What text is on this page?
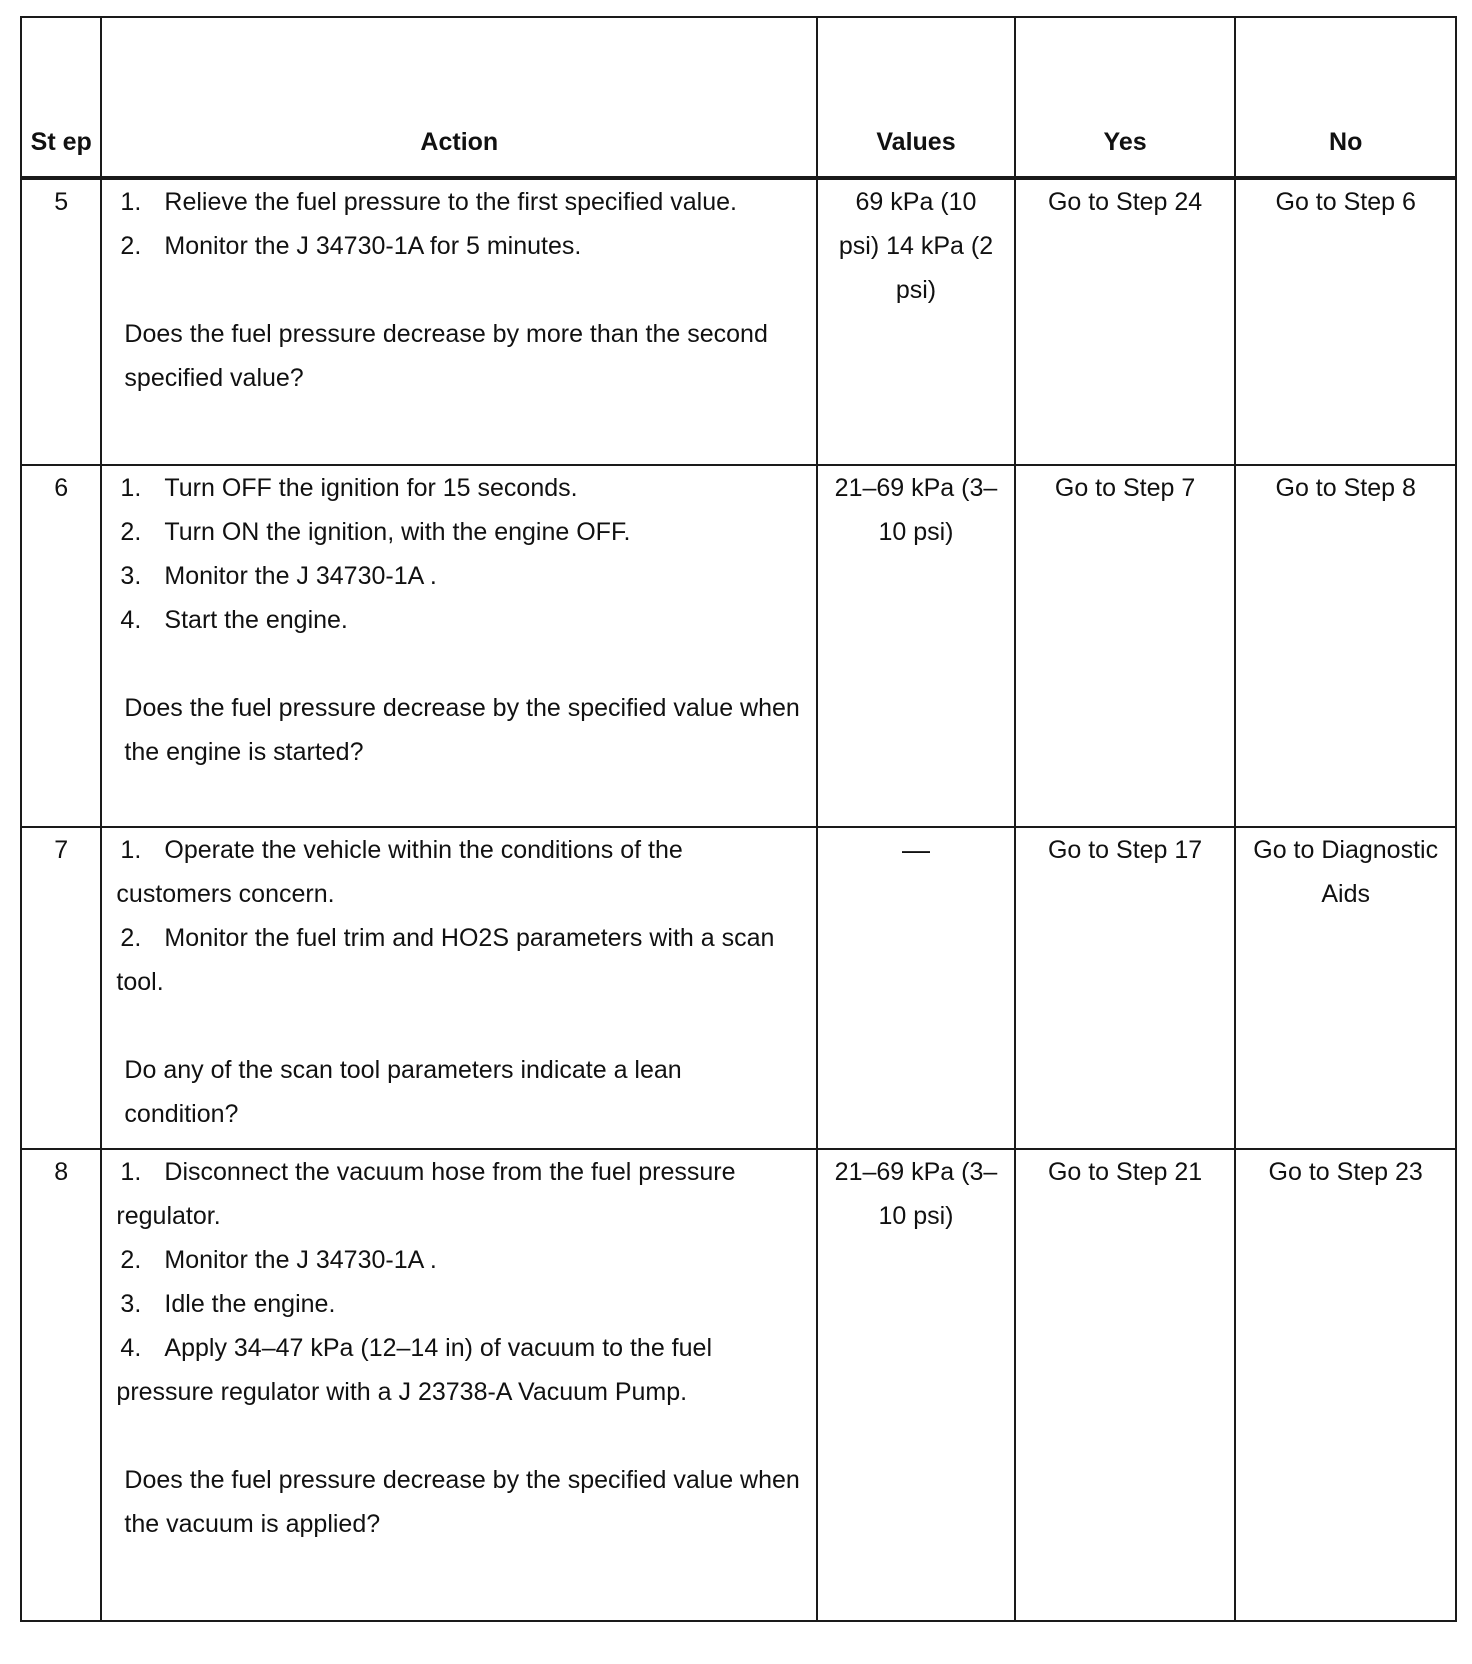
St ep	Action	Values	Yes	No
5	1. Relieve the fuel pressure to the first specified value.
2. Monitor the J 34730-1A for 5 minutes.
Does the fuel pressure decrease by more than the second specified value?	69 kPa (10 psi) 14 kPa (2 psi)	Go to Step 24	Go to Step 6
6	1. Turn OFF the ignition for 15 seconds.
2. Turn ON the ignition, with the engine OFF.
3. Monitor the J 34730-1A .
4. Start the engine.
Does the fuel pressure decrease by the specified value when the engine is started?	21–69 kPa (3–10 psi)	Go to Step 7	Go to Step 8
7	1. Operate the vehicle within the conditions of the customers concern.
2. Monitor the fuel trim and HO2S parameters with a scan tool.
Do any of the scan tool parameters indicate a lean condition?	—	Go to Step 17	Go to Diagnostic Aids
8	1. Disconnect the vacuum hose from the fuel pressure regulator.
2. Monitor the J 34730-1A .
3. Idle the engine.
4. Apply 34–47 kPa (12–14 in) of vacuum to the fuel pressure regulator with a J 23738-A Vacuum Pump.
Does the fuel pressure decrease by the specified value when the vacuum is applied?	21–69 kPa (3–10 psi)	Go to Step 21	Go to Step 23
